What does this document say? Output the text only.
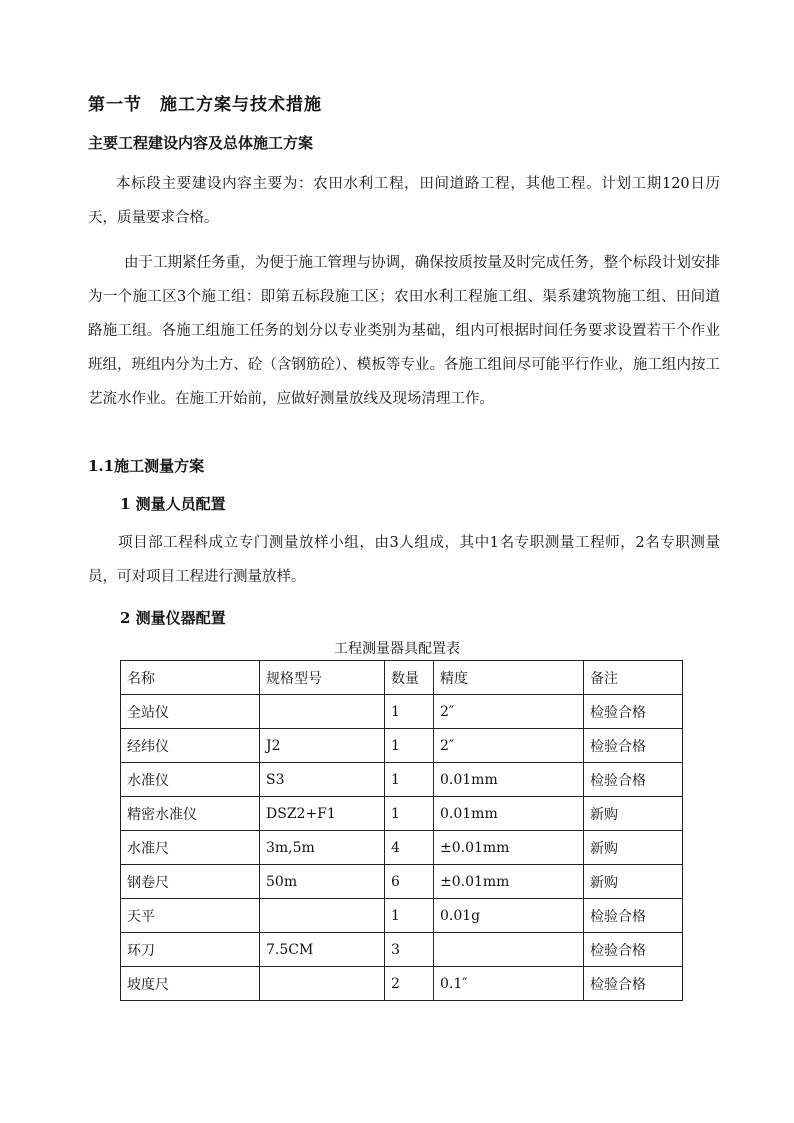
第一节　施工方案与技术措施
主要工程建设内容及总体施工方案
本标段主要建设内容主要为：农田水利工程，田间道路工程，其他工程。计划工期120日历天，质量要求合格。
由于工期紧任务重，为便于施工管理与协调，确保按质按量及时完成任务，整个标段计划安排为一个施工区3个施工组：即第五标段施工区；农田水利工程施工组、渠系建筑物施工组、田间道路施工组。各施工组施工任务的划分以专业类别为基础，组内可根据时间任务要求设置若干个作业班组，班组内分为土方、砼（含钢筋砼）、模板等专业。各施工组间尽可能平行作业，施工组内按工艺流水作业。在施工开始前，应做好测量放线及现场清理工作。
1.1施工测量方案
1 测量人员配置
项目部工程科成立专门测量放样小组，由3人组成，其中1名专职测量工程师，2名专职测量员，可对项目工程进行测量放样。
2 测量仪器配置
工程测量器具配置表
名称	规格型号	数量	精度	备注
全站仪		1	2″	检验合格
经纬仪	J2	1	2″	检验合格
水准仪	S3	1	0.01mm	检验合格
精密水准仪	DSZ2+F1	1	0.01mm	新购
水准尺	3m,5m	4	±0.01mm	新购
钢卷尺	50m	6	±0.01mm	新购
天平		1	0.01g	检验合格
环刀	7.5CM	3		检验合格
坡度尺		2	0.1″	检验合格
